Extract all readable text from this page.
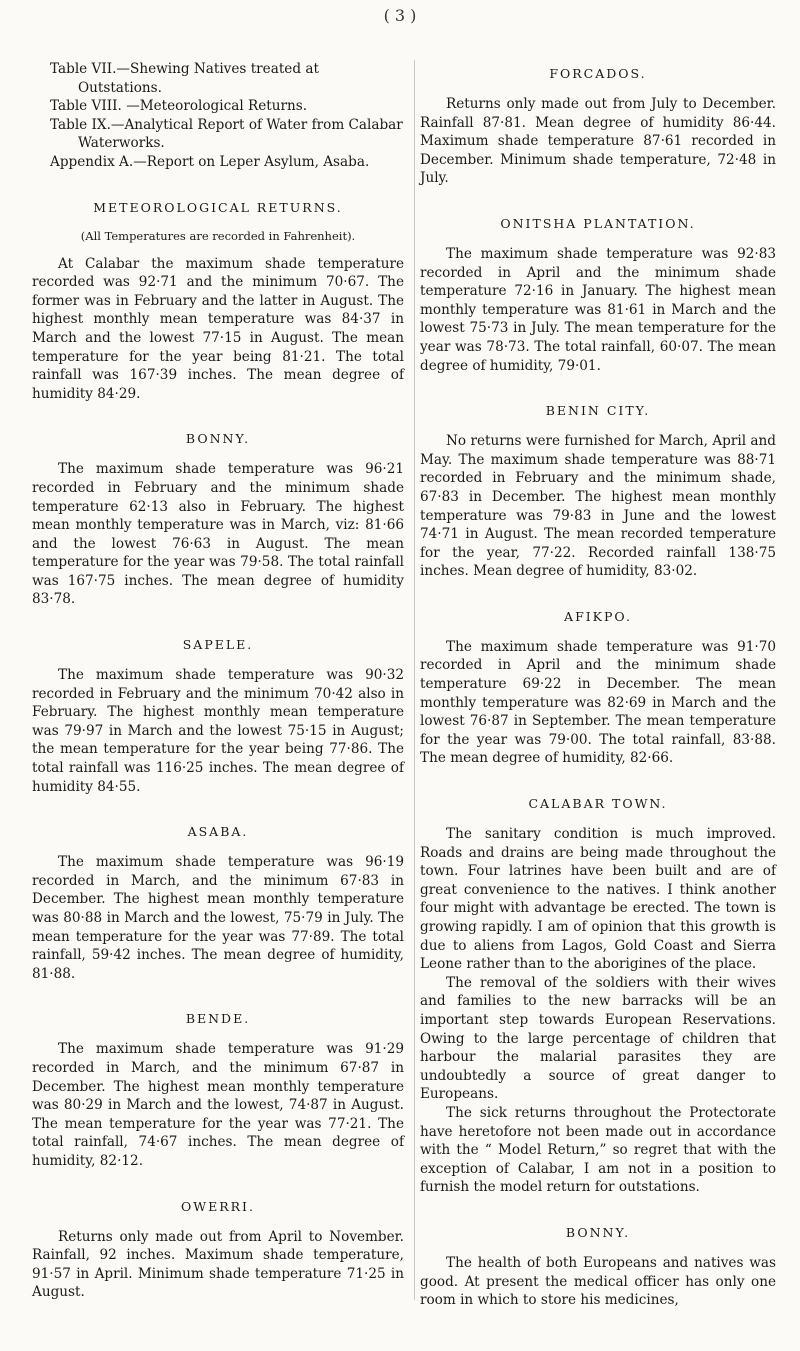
( 3 )

Table VII.—Shewing Natives treated at Outstations.

Table VIII. —Meteorological Returns.

Table IX.—Analytical Report of Water from Calabar Waterworks.

Appendix A.—Report on Leper Asylum, Asaba.

METEOROLOGICAL RETURNS.
(All Temperatures are recorded in Fahrenheit).

At Calabar the maximum shade temperature recorded was 92·71 and the minimum 70·67. The former was in February and the latter in August. The highest monthly mean temperature was 84·37 in March and the lowest 77·15 in August. The mean temperature for the year being 81·21. The total rainfall was 167·39 inches. The mean degree of humidity 84·29.

BONNY.

The maximum shade temperature was 96·21 recorded in February and the minimum shade temperature 62·13 also in February. The highest mean monthly temperature was in March, viz: 81·66 and the lowest 76·63 in August. The mean temperature for the year was 79·58. The total rainfall was 167·75 inches. The mean degree of humidity 83·78.

SAPELE.

The maximum shade temperature was 90·32 recorded in February and the minimum 70·42 also in February. The highest monthly mean temperature was 79·97 in March and the lowest 75·15 in August; the mean temperature for the year being 77·86. The total rainfall was 116·25 inches. The mean degree of humidity 84·55.

ASABA.

The maximum shade temperature was 96·19 recorded in March, and the minimum 67·83 in December. The highest mean monthly temperature was 80·88 in March and the lowest, 75·79 in July. The mean temperature for the year was 77·89. The total rainfall, 59·42 inches. The mean degree of humidity, 81·88.

BENDE.

The maximum shade temperature was 91·29 recorded in March, and the minimum 67·87 in December. The highest mean monthly temperature was 80·29 in March and the lowest, 74·87 in August. The mean temperature for the year was 77·21. The total rainfall, 74·67 inches. The mean degree of humidity, 82·12.

OWERRI.

Returns only made out from April to November. Rainfall, 92 inches. Maximum shade temperature, 91·57 in April. Minimum shade temperature 71·25 in August.

FORCADOS.

Returns only made out from July to December. Rainfall 87·81. Mean degree of humidity 86·44. Maximum shade temperature 87·61 recorded in December. Minimum shade temperature, 72·48 in July.

ONITSHA PLANTATION.

The maximum shade temperature was 92·83 recorded in April and the minimum shade temperature 72·16 in January. The highest mean monthly temperature was 81·61 in March and the lowest 75·73 in July. The mean temperature for the year was 78·73. The total rainfall, 60·07. The mean degree of humidity, 79·01.

BENIN CITY.

No returns were furnished for March, April and May. The maximum shade temperature was 88·71 recorded in February and the minimum shade, 67·83 in December. The highest mean monthly temperature was 79·83 in June and the lowest 74·71 in August. The mean recorded temperature for the year, 77·22. Recorded rainfall 138·75 inches. Mean degree of humidity, 83·02.

AFIKPO.

The maximum shade temperature was 91·70 recorded in April and the minimum shade temperature 69·22 in December. The mean monthly temperature was 82·69 in March and the lowest 76·87 in September. The mean temperature for the year was 79·00. The total rainfall, 83·88. The mean degree of humidity, 82·66.

CALABAR TOWN.

The sanitary condition is much improved. Roads and drains are being made throughout the town. Four latrines have been built and are of great convenience to the natives. I think another four might with advantage be erected. The town is growing rapidly. I am of opinion that this growth is due to aliens from Lagos, Gold Coast and Sierra Leone rather than to the aborigines of the place.

The removal of the soldiers with their wives and families to the new barracks will be an important step towards European Reservations. Owing to the large percentage of children that harbour the malarial parasites they are undoubtedly a source of great danger to Europeans.

The sick returns throughout the Protectorate have heretofore not been made out in accordance with the “ Model Return,” so regret that with the exception of Calabar, I am not in a position to furnish the model return for outstations.

BONNY.

The health of both Europeans and natives was good. At present the medical officer has only one room in which to store his medicines,
